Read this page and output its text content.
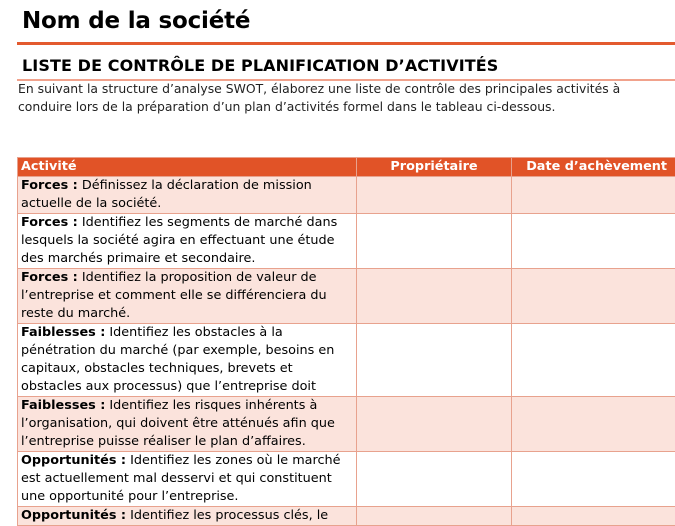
Nom de la société
LISTE DE CONTRÔLE DE PLANIFICATION D’ACTIVITÉS
En suivant la structure d’analyse SWOT, élaborez une liste de contrôle des principales activités à conduire lors de la préparation d’un plan d’activités formel dans le tableau ci-dessous.
Activité	Propriétaire	Date d’achèvement
Forces : Définissez la déclaration de mission actuelle de la société.		
Forces : Identifiez les segments de marché dans lesquels la société agira en effectuant une étude des marchés primaire et secondaire.		
Forces : Identifiez la proposition de valeur de l’entreprise et comment elle se différenciera du reste du marché.		
Faiblesses : Identifiez les obstacles à la pénétration du marché (par exemple, besoins en capitaux, obstacles techniques, brevets et obstacles aux processus) que l’entreprise doit		
Faiblesses : Identifiez les risques inhérents à l’organisation, qui doivent être atténués afin que l’entreprise puisse réaliser le plan d’affaires.		
Opportunités : Identifiez les zones où le marché est actuellement mal desservi et qui constituent une opportunité pour l’entreprise.		
Opportunités : Identifiez les processus clés, le		
